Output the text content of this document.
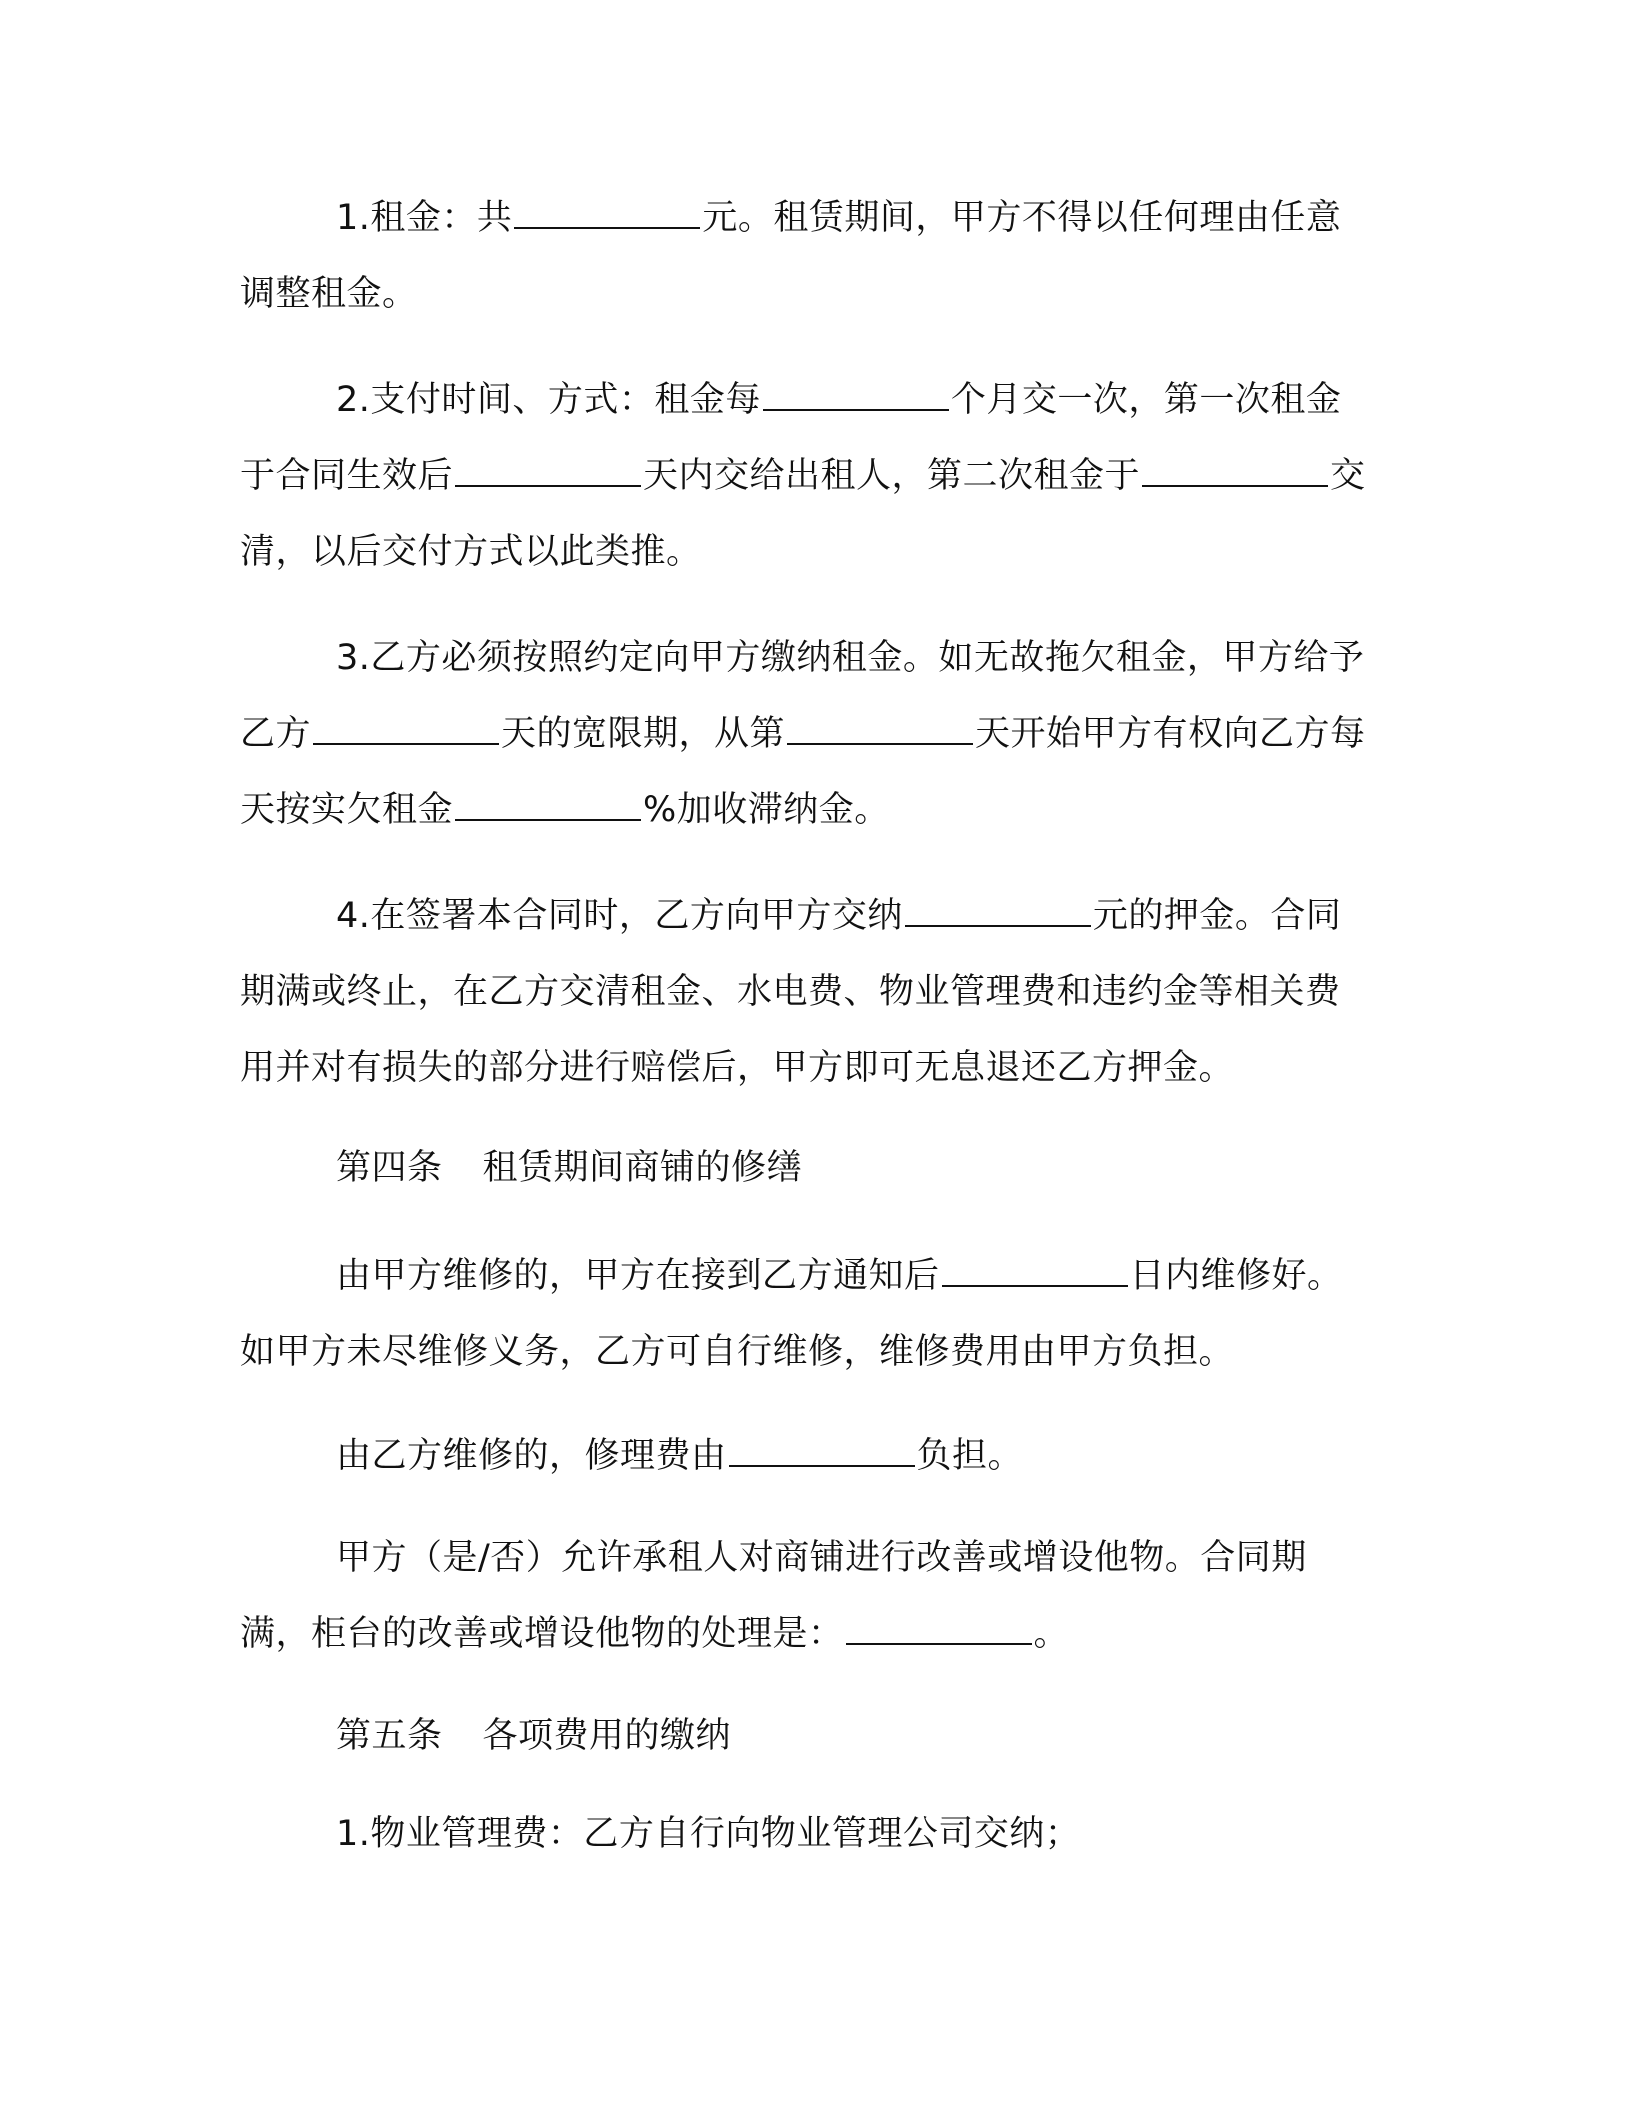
1.租金：共	元。租赁期间，甲方不得以任何理由任意调整租金。

2.支付时间、方式：租金每	个月交一次，第一次租金于合同生效后	天内交给出租人，第二次租金于	交清，以后交付方式以此类推。

3.乙方必须按照约定向甲方缴纳租金。如无故拖欠租金，甲方给予乙方	天的宽限期，从第	天开始甲方有权向乙方每天按实欠租金	%加收滞纳金。

4.在签署本合同时，乙方向甲方交纳	元的押金。合同期满或终止，在乙方交清租金、水电费、物业管理费和违约金等相关费用并对有损失的部分进行赔偿后，甲方即可无息退还乙方押金。

第四条 租赁期间商铺的修缮

由甲方维修的，甲方在接到乙方通知后	日内维修好。如甲方未尽维修义务，乙方可自行维修，维修费用由甲方负担。

由乙方维修的，修理费由	负担。

甲方（是/否）允许承租人对商铺进行改善或增设他物。合同期满，柜台的改善或增设他物的处理是：	。

第五条 各项费用的缴纳

1.物业管理费：乙方自行向物业管理公司交纳；
